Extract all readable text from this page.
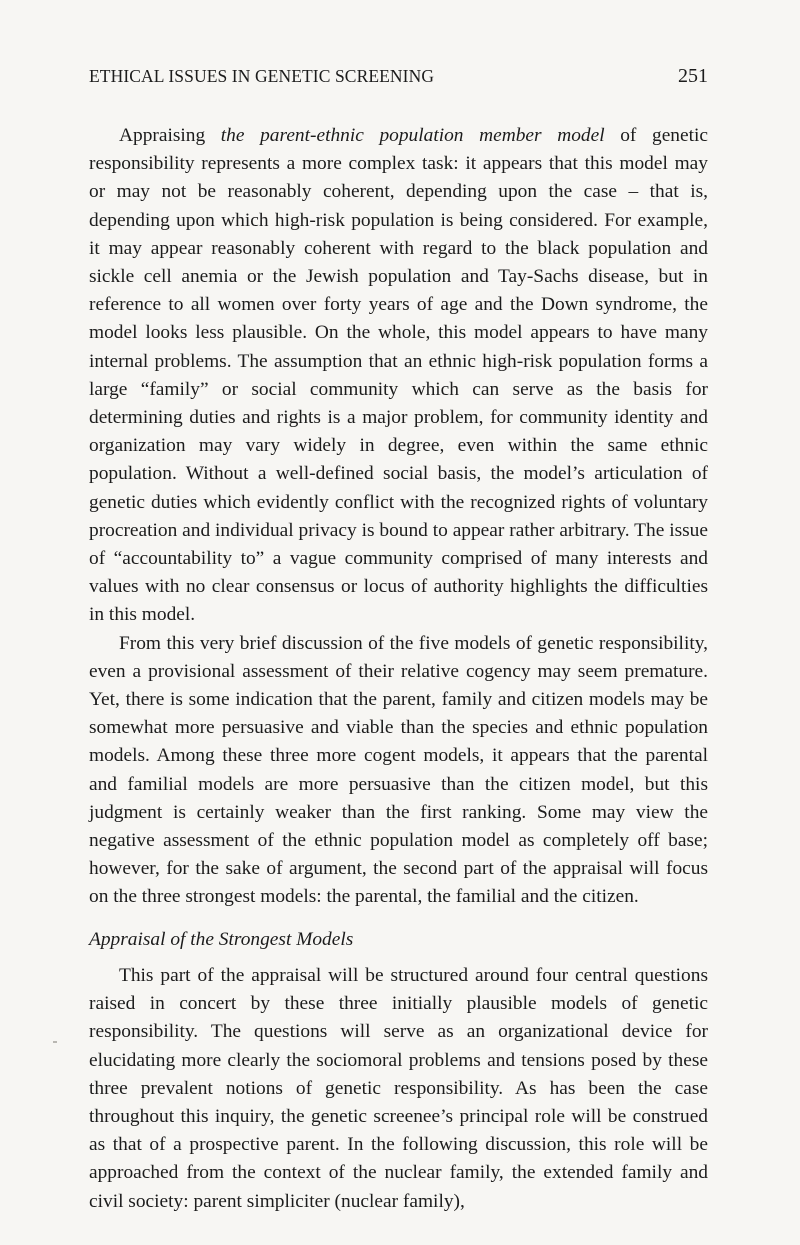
ETHICAL ISSUES IN GENETIC SCREENING	251

Appraising the parent-ethnic population member model of genetic responsibility represents a more complex task: it appears that this model may or may not be reasonably coherent, depending upon the case – that is, depending upon which high-risk population is being considered. For example, it may appear reasonably coherent with regard to the black population and sickle cell anemia or the Jewish population and Tay-Sachs disease, but in reference to all women over forty years of age and the Down syndrome, the model looks less plausible. On the whole, this model appears to have many internal problems. The assumption that an ethnic high-risk population forms a large “family” or social community which can serve as the basis for determining duties and rights is a major problem, for community identity and organization may vary widely in degree, even within the same ethnic population. Without a well-defined social basis, the model’s articulation of genetic duties which evidently conflict with the recognized rights of voluntary procreation and individual privacy is bound to appear rather arbitrary. The issue of “accountability to” a vague community comprised of many interests and values with no clear consensus or locus of authority highlights the difficulties in this model.

From this very brief discussion of the five models of genetic responsibility, even a provisional assessment of their relative cogency may seem premature. Yet, there is some indication that the parent, family and citizen models may be somewhat more persuasive and viable than the species and ethnic population models. Among these three more cogent models, it appears that the parental and familial models are more persuasive than the citizen model, but this judgment is certainly weaker than the first ranking. Some may view the negative assessment of the ethnic population model as completely off base; however, for the sake of argument, the second part of the appraisal will focus on the three strongest models: the parental, the familial and the citizen.

Appraisal of the Strongest Models

This part of the appraisal will be structured around four central questions raised in concert by these three initially plausible models of genetic responsibility. The questions will serve as an organizational device for elucidating more clearly the sociomoral problems and tensions posed by these three prevalent notions of genetic responsibility. As has been the case throughout this inquiry, the genetic screenee’s principal role will be construed as that of a prospective parent. In the following discussion, this role will be approached from the context of the nuclear family, the extended family and civil society: parent simpliciter (nuclear family),
